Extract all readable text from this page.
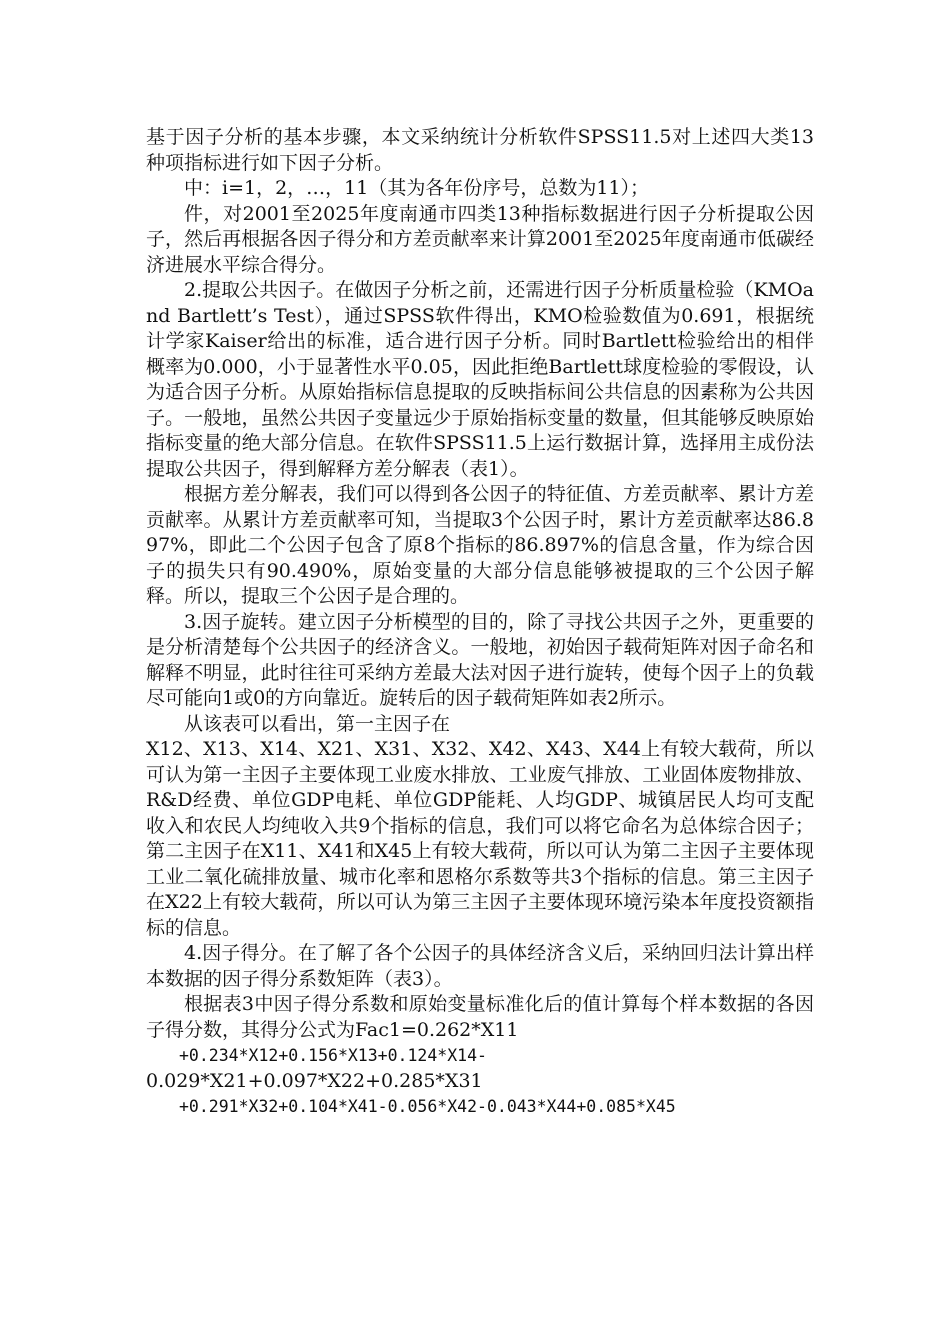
基于因子分析的基本步骤，本文采纳统计分析软件SPSS11.5对上述四大类13种项指标进行如下因子分析。

中：i=1，2，…，11（其为各年份序号，总数为11）；

件，对2001至2025年度南通市四类13种指标数据进行因子分析提取公因子，然后再根据各因子得分和方差贡献率来计算2001至2025年度南通市低碳经济进展水平综合得分。

2.提取公共因子。在做因子分析之前，还需进行因子分析质量检验（KMOand Bartlett’s Test），通过SPSS软件得出，KMO检验数值为0.691，根据统计学家Kaiser给出的标准，适合进行因子分析。同时Bartlett检验给出的相伴概率为0.000，小于显著性水平0.05，因此拒绝Bartlett球度检验的零假设，认为适合因子分析。从原始指标信息提取的反映指标间公共信息的因素称为公共因子。一般地，虽然公共因子变量远少于原始指标变量的数量，但其能够反映原始指标变量的绝大部分信息。在软件SPSS11.5上运行数据计算，选择用主成份法提取公共因子，得到解释方差分解表（表1）。

根据方差分解表，我们可以得到各公因子的特征值、方差贡献率、累计方差贡献率。从累计方差贡献率可知，当提取3个公因子时，累计方差贡献率达86.897%，即此二个公因子包含了原8个指标的86.897%的信息含量，作为综合因子的损失只有90.490%，原始变量的大部分信息能够被提取的三个公因子解释。所以，提取三个公因子是合理的。

3.因子旋转。建立因子分析模型的目的，除了寻找公共因子之外，更重要的是分析清楚每个公共因子的经济含义。一般地，初始因子载荷矩阵对因子命名和解释不明显，此时往往可采纳方差最大法对因子进行旋转，使每个因子上的负载尽可能向1或0的方向靠近。旋转后的因子载荷矩阵如表2所示。

从该表可以看出，第一主因子在

X12、X13、X14、X21、X31、X32、X42、X43、X44上有较大载荷，所以可认为第一主因子主要体现工业废水排放、工业废气排放、工业固体废物排放、R&D经费、单位GDP电耗、单位GDP能耗、人均GDP、城镇居民人均可支配收入和农民人均纯收入共9个指标的信息，我们可以将它命名为总体综合因子；第二主因子在X11、X41和X45上有较大载荷，所以可认为第二主因子主要体现工业二氧化硫排放量、城市化率和恩格尔系数等共3个指标的信息。第三主因子在X22上有较大载荷，所以可认为第三主因子主要体现环境污染本年度投资额指标的信息。

4.因子得分。在了解了各个公因子的具体经济含义后，采纳回归法计算出样本数据的因子得分系数矩阵（表3）。

根据表3中因子得分系数和原始变量标准化后的值计算每个样本数据的各因子得分数，其得分公式为Fac1=0.262*X11

+0.234*X12+0.156*X13+0.124*X14-

0.029*X21+0.097*X22+0.285*X31

+0.291*X32+0.104*X41-0.056*X42-0.043*X44+0.085*X45
